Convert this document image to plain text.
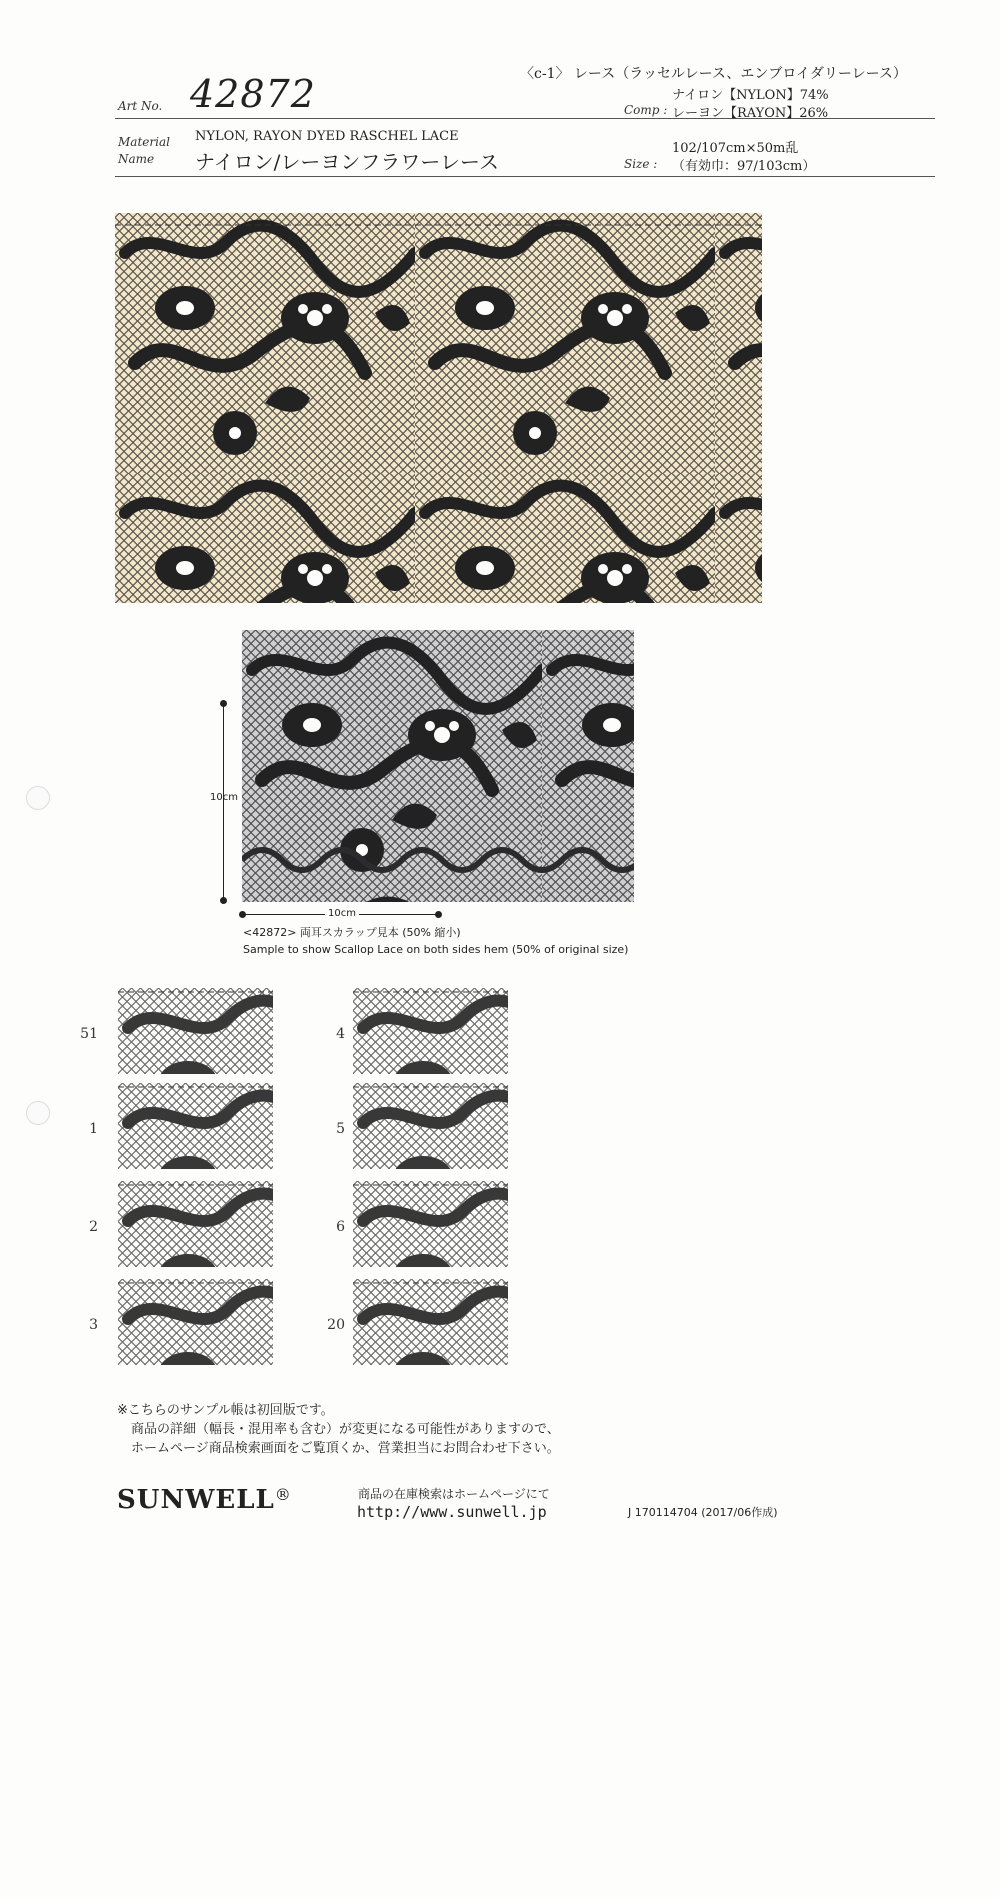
Art No. 42872
Material NYLON, RAYON DYED RASCHEL LACE
Name ナイロン/レーヨンフラワーレース
〈c-1〉 レース（ラッセルレース、エンブロイダリーレース）
ナイロン【NYLON】74%
Comp : レーヨン【RAYON】26%
102/107cm×50m乱
Size : （有効巾：97/103cm）
10cm
10cm
<42872> 両耳スカラップ見本 (50% 縮小)
Sample to show Scallop Lace on both sides hem (50% of original size)
51
1
2
3
4
5
6
20
※こちらのサンプル帳は初回版です。
商品の詳細（幅長・混用率も含む）が変更になる可能性がありますので、
ホームページ商品検索画面をご覧頂くか、営業担当にお問合わせ下さい。
SUNWELL®	商品の在庫検索はホームページにて
http://www.sunwell.jp	J 170114704 (2017/06作成)
